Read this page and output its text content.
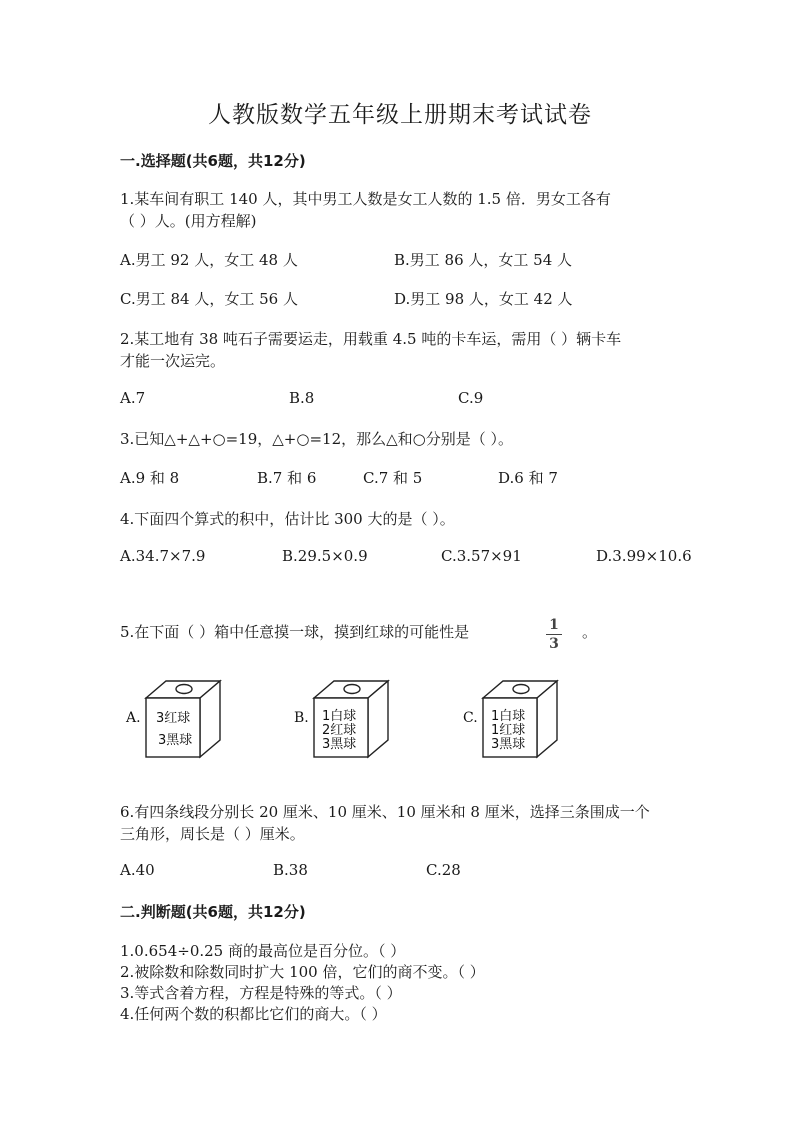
人教版数学五年级上册期末考试试卷
一.选择题(共6题，共12分)
1.某车间有职工 140 人，其中男工人数是女工人数的 1.5 倍．男女工各有
（ ）人。(用方程解)
A.男工 92 人，女工 48 人	B.男工 86 人，女工 54 人
C.男工 84 人，女工 56 人	D.男工 98 人，女工 42 人
2.某工地有 38 吨石子需要运走，用载重 4.5 吨的卡车运，需用（ ）辆卡车
才能一次运完。
A.7	B.8	C.9
3.已知△+△+○=19，△+○=12，那么△和○分别是（ ）。
A.9 和 8	B.7 和 6	C.7 和 5	D.6 和 7
4.下面四个算式的积中，估计比 300 大的是（ ）。
A.34.7×7.9	B.29.5×0.9	C.3.57×91	D.3.99×10.6
5.在下面（ ）箱中任意摸一球，摸到红球的可能性是	1
3
。
A. 3红球
3黑球
B. 1白球
2红球
3黑球
C. 1白球
1红球
3黑球
6.有四条线段分别长 20 厘米、10 厘米、10 厘米和 8 厘米，选择三条围成一个
三角形，周长是（ ）厘米。
A.40	B.38	C.28
二.判断题(共6题，共12分)
1.0.654÷0.25 商的最高位是百分位。（ ）
2.被除数和除数同时扩大 100 倍，它们的商不变。（ ）
3.等式含着方程，方程是特殊的等式。（ ）
4.任何两个数的积都比它们的商大。（ ）
